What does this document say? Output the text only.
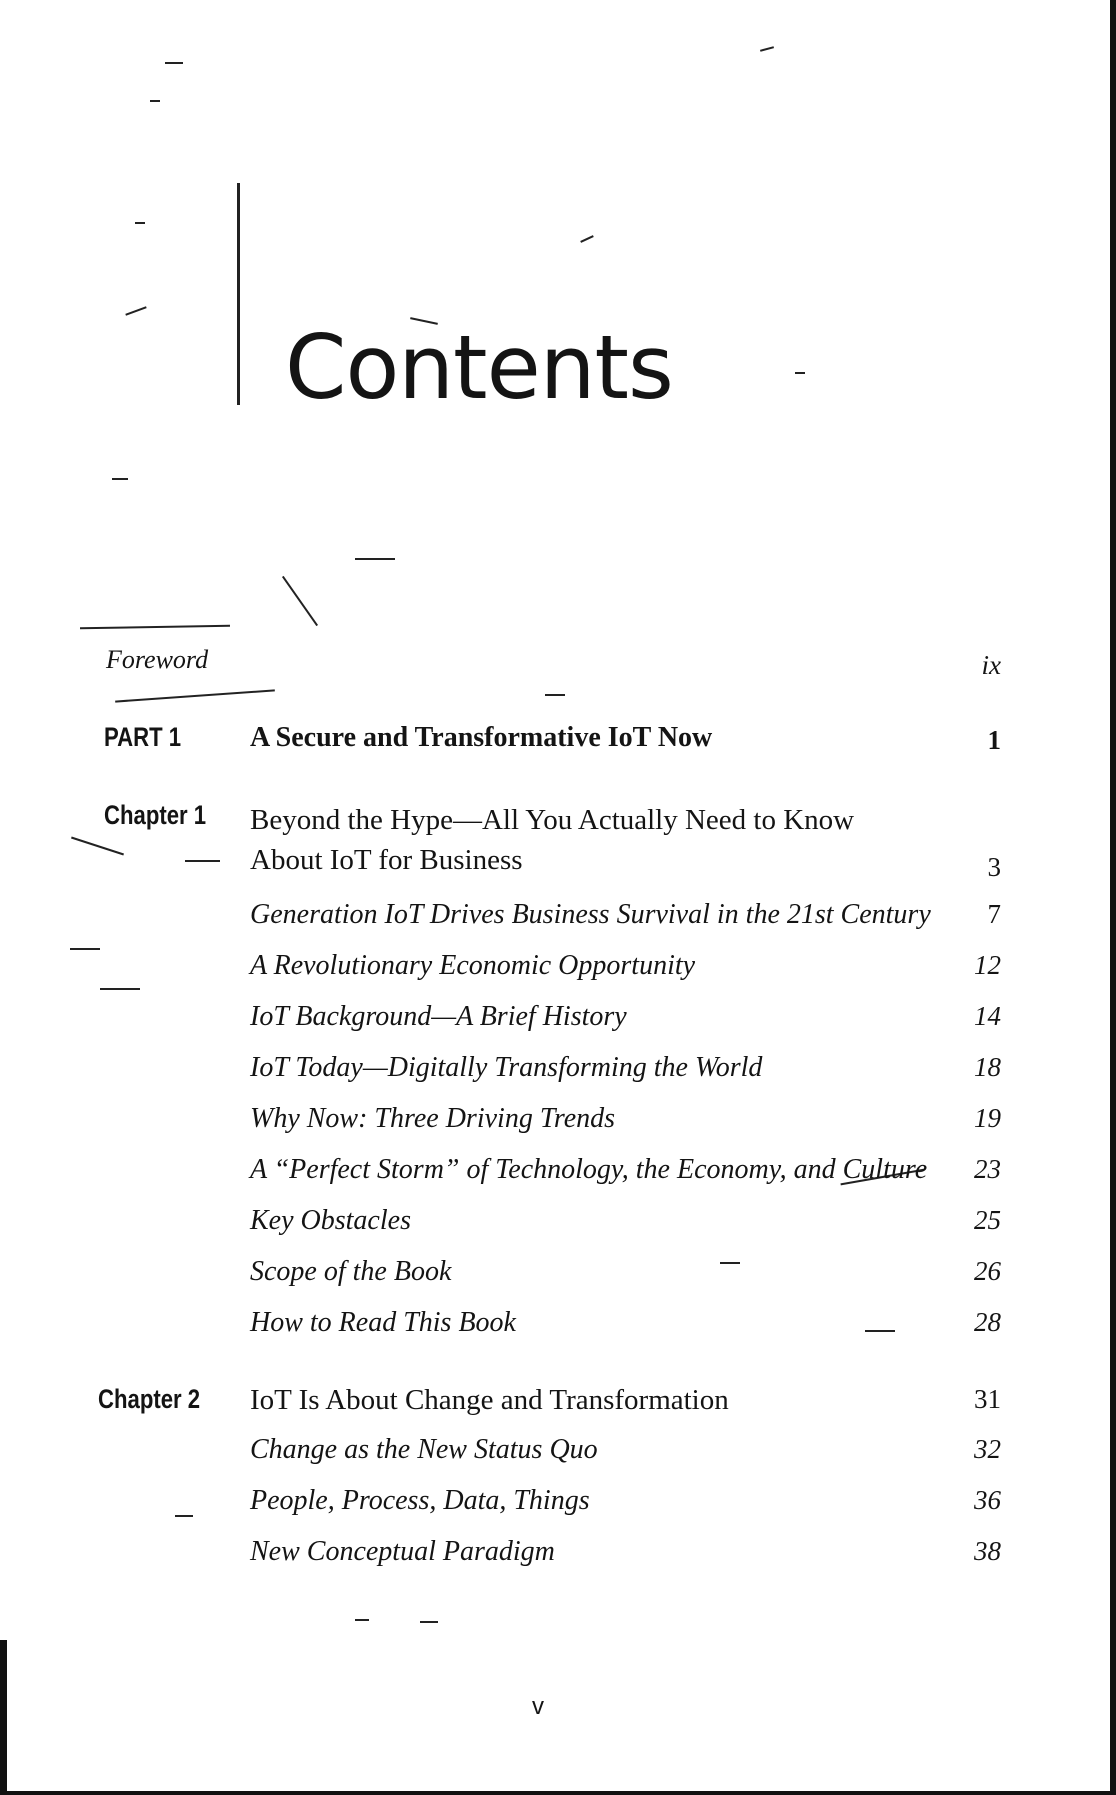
Contents
Foreword	ix
PART 1 A Secure and Transformative IoT Now	1
Chapter 1 Beyond the Hype—All You Actually Need to Know About IoT for Business	3
Generation IoT Drives Business Survival in the 21st Century	7
A Revolutionary Economic Opportunity	12
IoT Background—A Brief History	14
IoT Today—Digitally Transforming the World	18
Why Now: Three Driving Trends	19
A “Perfect Storm” of Technology, the Economy, and Culture	23
Key Obstacles	25
Scope of the Book	26
How to Read This Book	28
Chapter 2 IoT Is About Change and Transformation	31
Change as the New Status Quo	32
People, Process, Data, Things	36
New Conceptual Paradigm	38
v
